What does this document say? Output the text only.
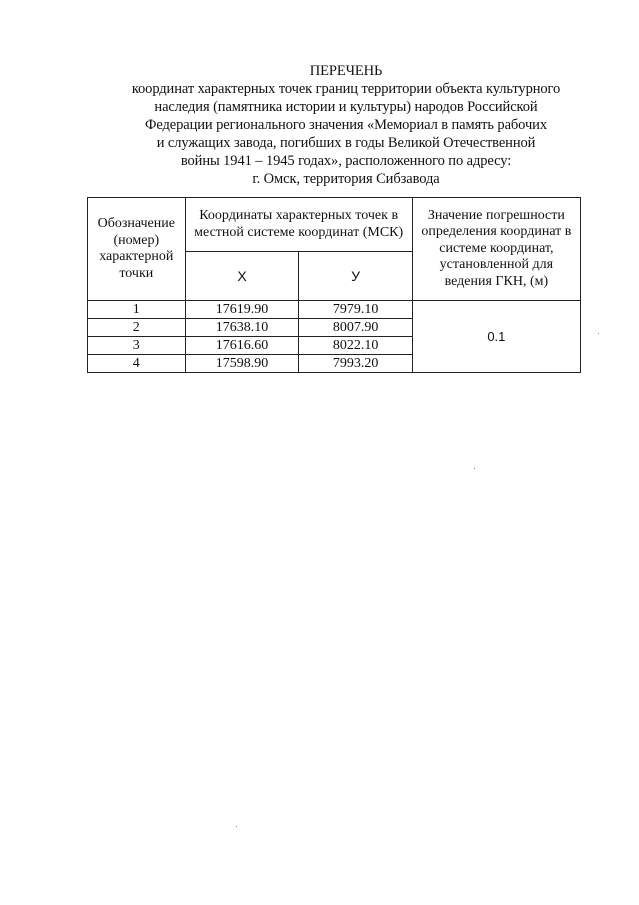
ПЕРЕЧЕНЬ
координат характерных точек границ территории объекта культурного
наследия (памятника истории и культуры) народов Российской
Федерации регионального значения «Мемориал в память рабочих
и служащих завода, погибших в годы Великой Отечественной
войны 1941 – 1945 годах», расположенного по адресу:
г. Омск, территория Сибзавода
Обозначение (номер) характерной точки	Координаты характерных точек в местной системе координат (МСК)		Значение погрешности определения координат в системе координат, установленной для ведения ГКН, (м)
	Х	У	
1	17619.90	7979.10	0.1
2	17638.10	8007.90	
3	17616.60	8022.10	
4	17598.90	7993.20	
